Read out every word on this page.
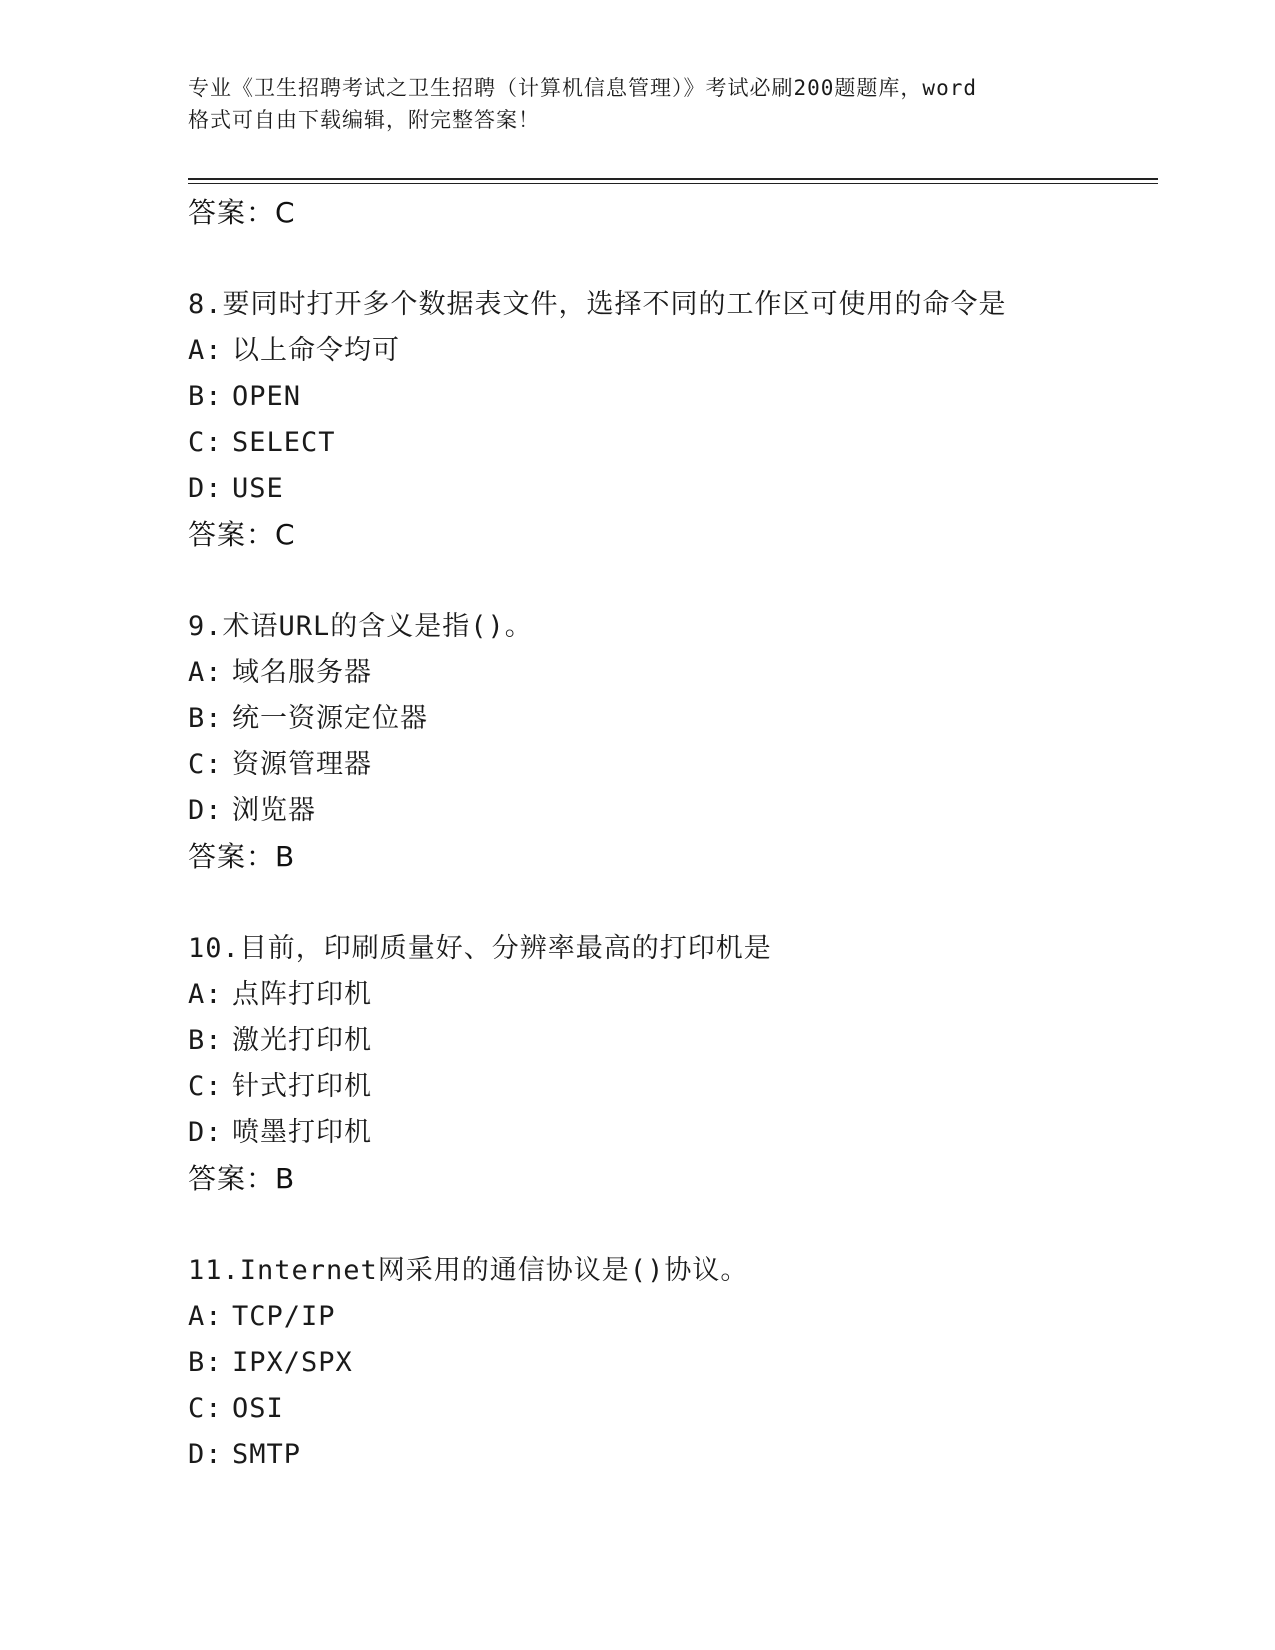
专业《卫生招聘考试之卫生招聘（计算机信息管理）》考试必刷200题题库，word
格式可自由下载编辑，附完整答案！
答案：C
8.要同时打开多个数据表文件，选择不同的工作区可使用的命令是
A: 以上命令均可
B: OPEN
C: SELECT
D: USE
答案：C
9.术语URL的含义是指()。
A: 域名服务器
B: 统一资源定位器
C: 资源管理器
D: 浏览器
答案：B
10.目前，印刷质量好、分辨率最高的打印机是
A: 点阵打印机
B: 激光打印机
C: 针式打印机
D: 喷墨打印机
答案：B
11.Internet网采用的通信协议是()协议。
A: TCP/IP
B: IPX/SPX
C: OSI
D: SMTP
